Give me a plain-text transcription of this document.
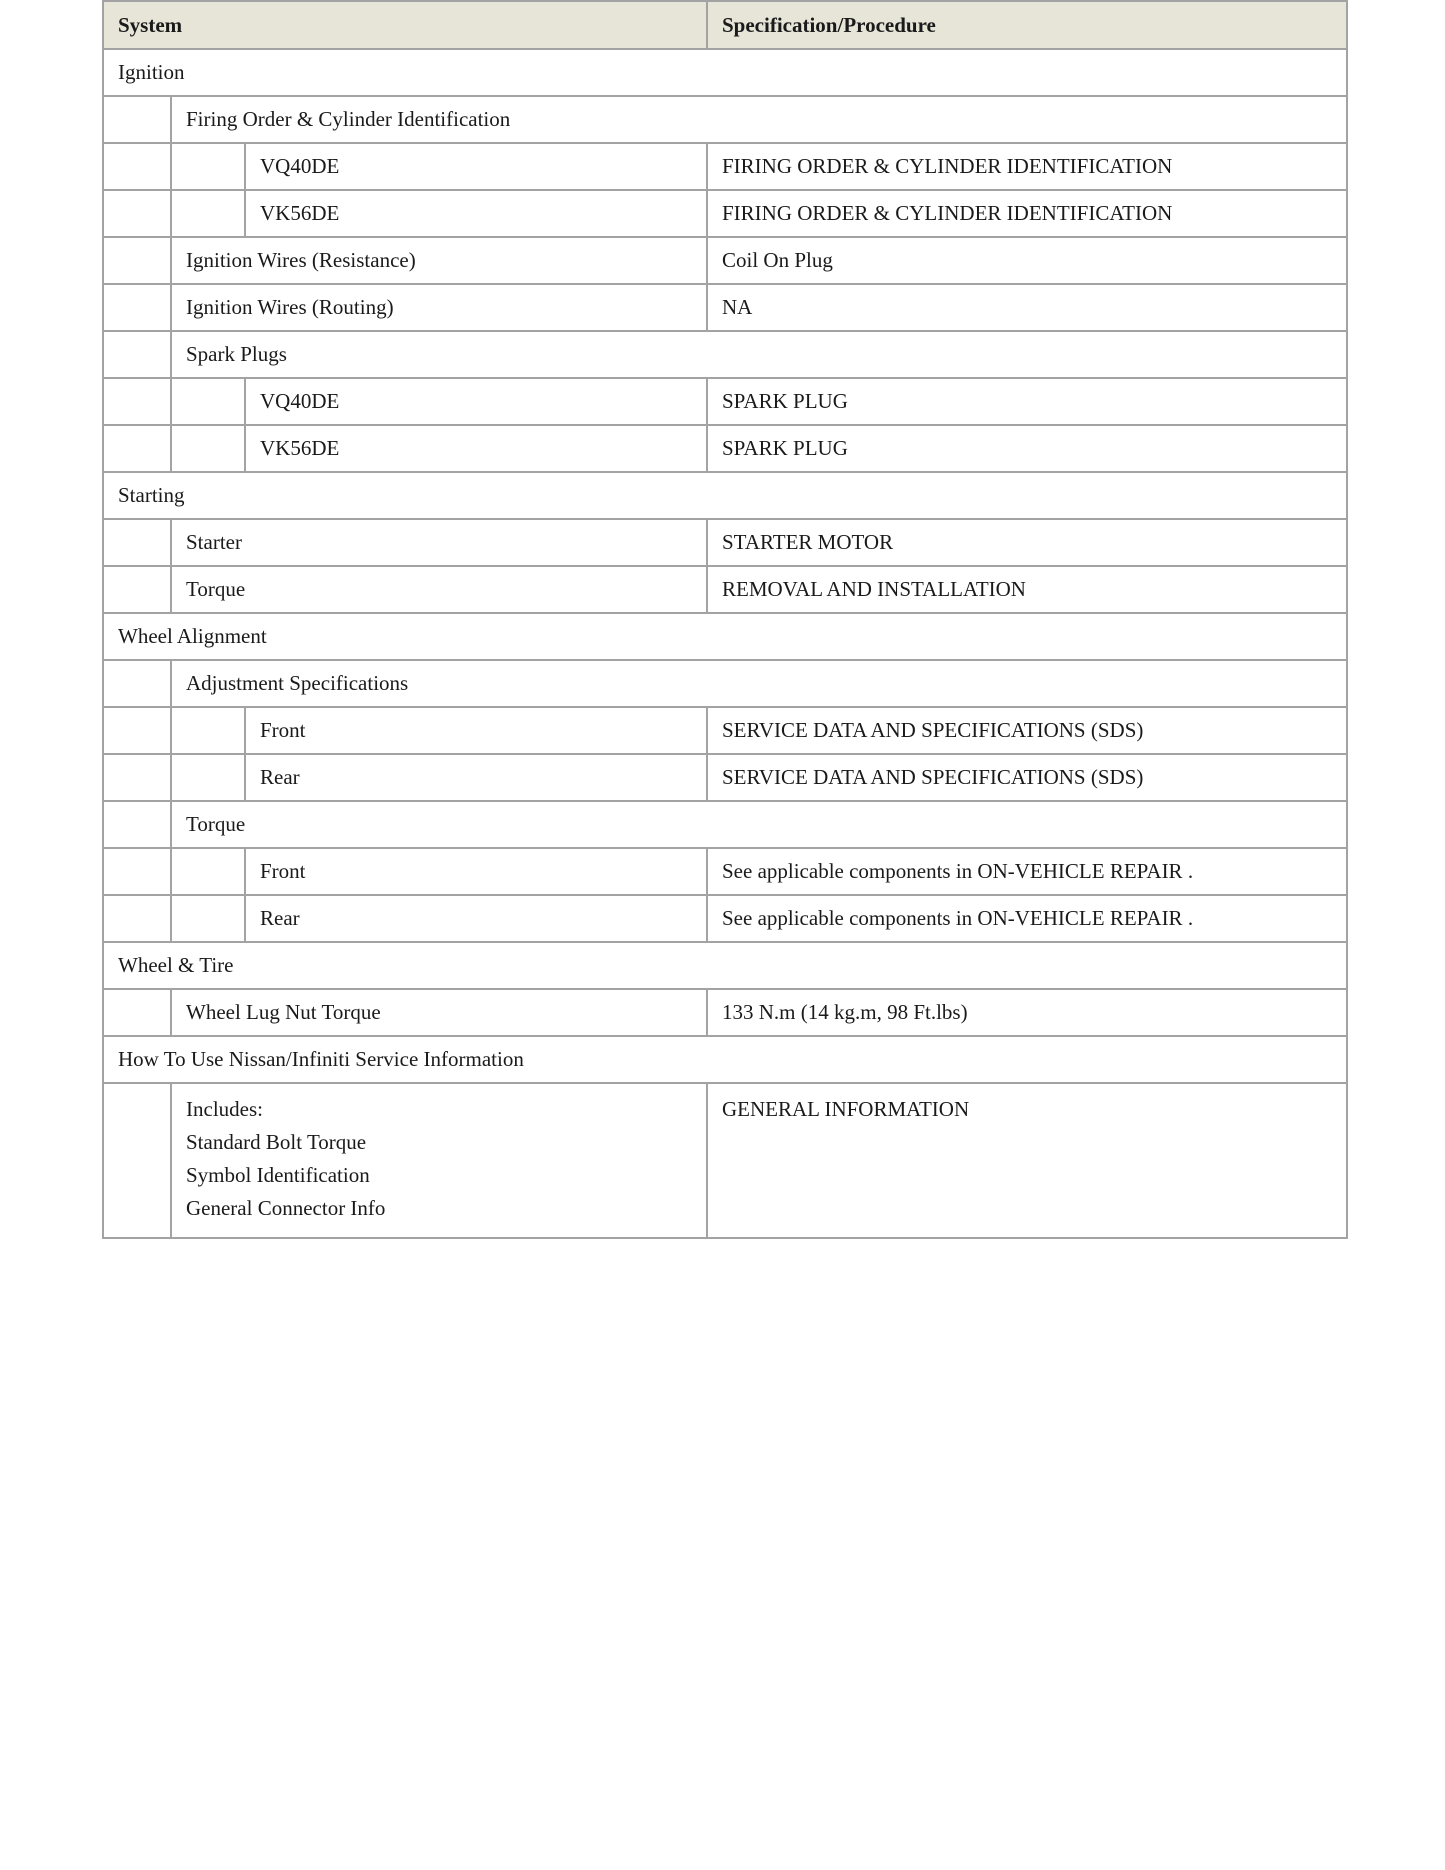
System			Specification/Procedure
Ignition			
	Firing Order & Cylinder Identification		
		VQ40DE	FIRING ORDER & CYLINDER IDENTIFICATION
		VK56DE	FIRING ORDER & CYLINDER IDENTIFICATION
	Ignition Wires (Resistance)		Coil On Plug
	Ignition Wires (Routing)		NA
	Spark Plugs		
		VQ40DE	SPARK PLUG
		VK56DE	SPARK PLUG
Starting			
	Starter		STARTER MOTOR
	Torque		REMOVAL AND INSTALLATION
Wheel Alignment			
	Adjustment Specifications		
		Front	SERVICE DATA AND SPECIFICATIONS (SDS)
		Rear	SERVICE DATA AND SPECIFICATIONS (SDS)
	Torque		
		Front	See applicable components in ON-VEHICLE REPAIR .
		Rear	See applicable components in ON-VEHICLE REPAIR .
Wheel & Tire			
	Wheel Lug Nut Torque		133 N.m (14 kg.m, 98 Ft.lbs)
How To Use Nissan/Infiniti Service Information			

	Includes:
Standard Bolt Torque
Symbol Identification
General Connector Info		GENERAL INFORMATION
